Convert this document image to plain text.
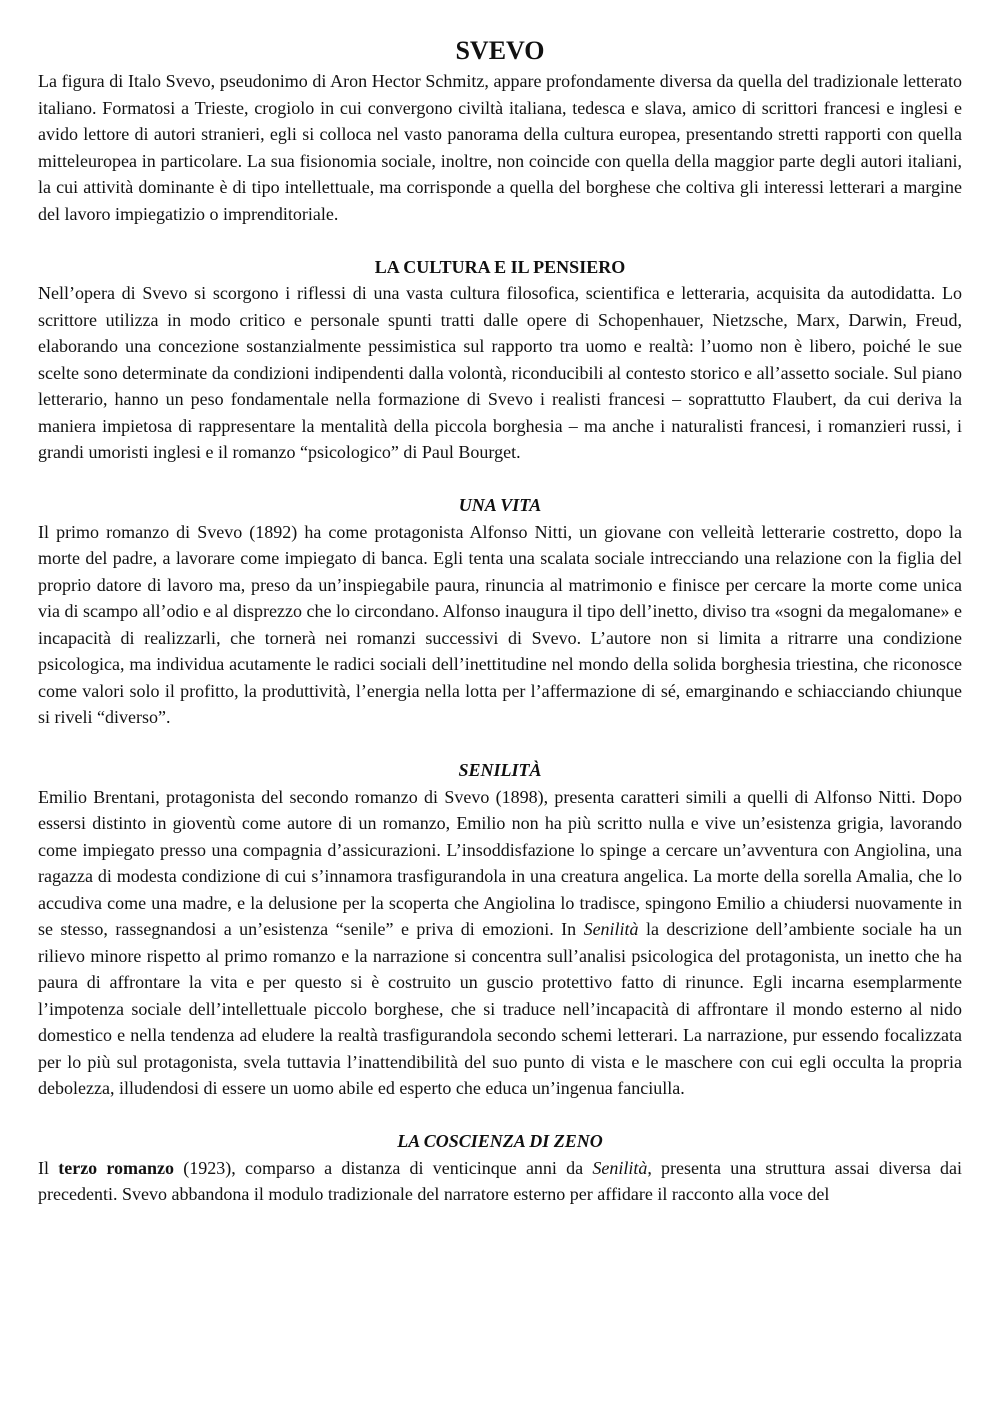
SVEVO

La figura di Italo Svevo, pseudonimo di Aron Hector Schmitz, appare profondamente diversa da quella del tradizionale letterato italiano. Formatosi a Trieste, crogiolo in cui convergono civiltà italiana, tedesca e slava, amico di scrittori francesi e inglesi e avido lettore di autori stranieri, egli si colloca nel vasto panorama della cultura europea, presentando stretti rapporti con quella mitteleuropea in particolare. La sua fisionomia sociale, inoltre, non coincide con quella della maggior parte degli autori italiani, la cui attività dominante è di tipo intellettuale, ma corrisponde a quella del borghese che coltiva gli interessi letterari a margine del lavoro impiegatizio o imprenditoriale.

LA CULTURA E IL PENSIERO

Nell’opera di Svevo si scorgono i riflessi di una vasta cultura filosofica, scientifica e letteraria, acquisita da autodidatta. Lo scrittore utilizza in modo critico e personale spunti tratti dalle opere di Schopenhauer, Nietzsche, Marx, Darwin, Freud, elaborando una concezione sostanzialmente pessimistica sul rapporto tra uomo e realtà: l’uomo non è libero, poiché le sue scelte sono determinate da condizioni indipendenti dalla volontà, riconducibili al contesto storico e all’assetto sociale. Sul piano letterario, hanno un peso fondamentale nella formazione di Svevo i realisti francesi – soprattutto Flaubert, da cui deriva la maniera impietosa di rappresentare la mentalità della piccola borghesia – ma anche i naturalisti francesi, i romanzieri russi, i grandi umoristi inglesi e il romanzo “psicologico” di Paul Bourget.

UNA VITA

Il primo romanzo di Svevo (1892) ha come protagonista Alfonso Nitti, un giovane con velleità letterarie costretto, dopo la morte del padre, a lavorare come impiegato di banca. Egli tenta una scalata sociale intrecciando una relazione con la figlia del proprio datore di lavoro ma, preso da un’inspiegabile paura, rinuncia al matrimonio e finisce per cercare la morte come unica via di scampo all’odio e al disprezzo che lo circondano. Alfonso inaugura il tipo dell’inetto, diviso tra «sogni da megalomane» e incapacità di realizzarli, che tornerà nei romanzi successivi di Svevo. L’autore non si limita a ritrarre una condizione psicologica, ma individua acutamente le radici sociali dell’inettitudine nel mondo della solida borghesia triestina, che riconosce come valori solo il profitto, la produttività, l’energia nella lotta per l’affermazione di sé, emarginando e schiacciando chiunque si riveli “diverso”.

SENILITÀ

Emilio Brentani, protagonista del secondo romanzo di Svevo (1898), presenta caratteri simili a quelli di Alfonso Nitti. Dopo essersi distinto in gioventù come autore di un romanzo, Emilio non ha più scritto nulla e vive un’esistenza grigia, lavorando come impiegato presso una compagnia d’assicurazioni. L’insoddisfazione lo spinge a cercare un’avventura con Angiolina, una ragazza di modesta condizione di cui s’innamora trasfigurandola in una creatura angelica. La morte della sorella Amalia, che lo accudiva come una madre, e la delusione per la scoperta che Angiolina lo tradisce, spingono Emilio a chiudersi nuovamente in se stesso, rassegnandosi a un’esistenza “senile” e priva di emozioni. In Senilità la descrizione dell’ambiente sociale ha un rilievo minore rispetto al primo romanzo e la narrazione si concentra sull’analisi psicologica del protagonista, un inetto che ha paura di affrontare la vita e per questo si è costruito un guscio protettivo fatto di rinunce. Egli incarna esemplarmente l’impotenza sociale dell’intellettuale piccolo borghese, che si traduce nell’incapacità di affrontare il mondo esterno al nido domestico e nella tendenza ad eludere la realtà trasfigurandola secondo schemi letterari. La narrazione, pur essendo focalizzata per lo più sul protagonista, svela tuttavia l’inattendibilità del suo punto di vista e le maschere con cui egli occulta la propria debolezza, illudendosi di essere un uomo abile ed esperto che educa un’ingenua fanciulla.

LA COSCIENZA DI ZENO

Il terzo romanzo (1923), comparso a distanza di venticinque anni da Senilità, presenta una struttura assai diversa dai precedenti. Svevo abbandona il modulo tradizionale del narratore esterno per affidare il racconto alla voce del
